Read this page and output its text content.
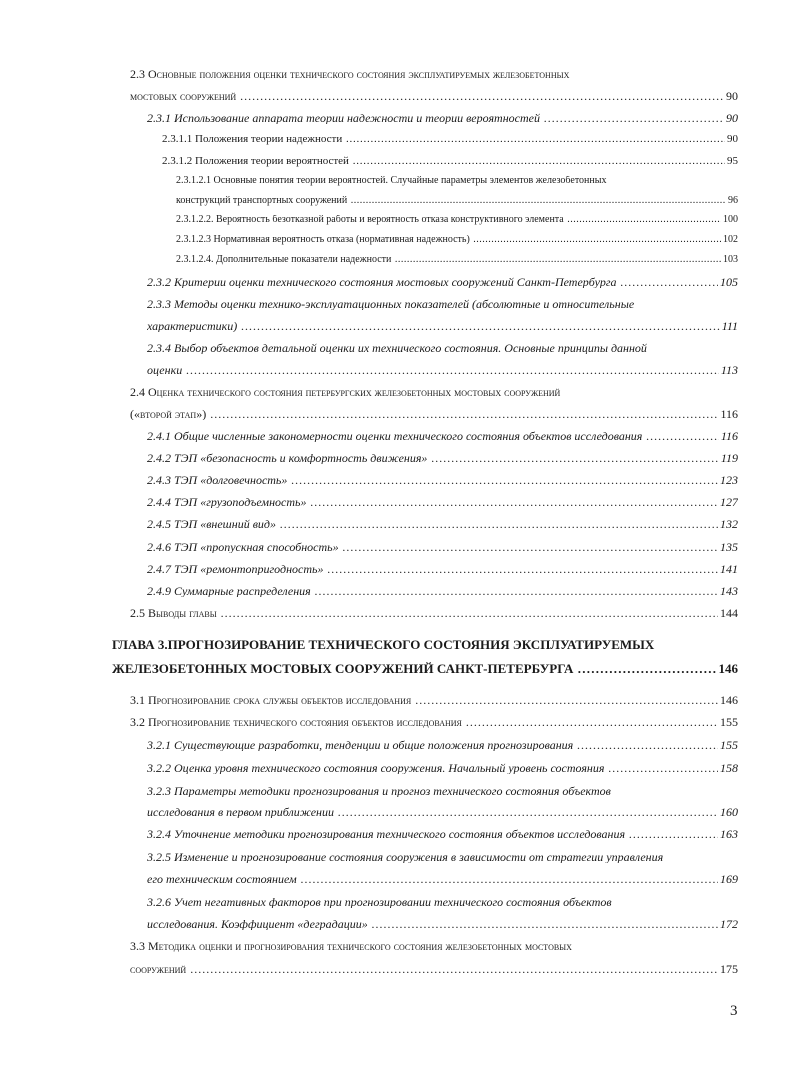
2.3 Основные положения оценки технического состояния эксплуатируемых железобетонных
мостовых сооружений	90
. . .
2.3.1 Использование аппарата теории надежности и теории вероятностей	90
. . .
2.3.1.1 Положения теории надежности	90
. . .
2.3.1.2 Положения теории вероятностей	95
. . .
2.3.1.2.1 Основные понятия теории вероятностей. Случайные параметры элементов железобетонных
конструкций транспортных сооружений	96
. . .
2.3.1.2.2. Вероятность безотказной работы и вероятность отказа конструктивного элемента	100
. . .
2.3.1.2.3 Нормативная вероятность отказа (нормативная надежность)	102
. . .
2.3.1.2.4. Дополнительные показатели надежности	103
. . .
2.3.2 Критерии оценки технического состояния мостовых сооружений Санкт-Петербурга	105
. . .
2.3.3 Методы оценки технико-эксплуатационных показателей (абсолютные и относительные
характеристики)	111
. . .
2.3.4 Выбор объектов детальной оценки их технического состояния. Основные принципы данной
оценки	113
. . .
2.4 Оценка технического состояния петербургских железобетонных мостовых сооружений
(«второй этап»)	116
. . .
2.4.1 Общие численные закономерности оценки технического состояния объектов исследования	116
. . .
2.4.2 ТЭП «безопасность и комфортность движения»	119
. . .
2.4.3 ТЭП «долговечность»	123
. . .
2.4.4 ТЭП «грузоподъемность»	127
. . .
2.4.5 ТЭП «внешний вид»	132
. . .
2.4.6 ТЭП «пропускная способность»	135
. . .
2.4.7 ТЭП «ремонтопригодность»	141
. . .
2.4.9 Суммарные распределения	143
. . .
2.5 Выводы главы	144
. . .
ГЛАВА 3.ПРОГНОЗИРОВАНИЕ ТЕХНИЧЕСКОГО СОСТОЯНИЯ ЭКСПЛУАТИРУЕМЫХ
ЖЕЛЕЗОБЕТОННЫХ МОСТОВЫХ СООРУЖЕНИЙ САНКТ-ПЕТЕРБУРГА	146
. . .
3.1 Прогнозирование срока службы объектов исследования	146
. . .
3.2 Прогнозирование технического состояния объектов исследования	155
. . .
3.2.1 Существующие разработки, тенденции и общие положения прогнозирования	155
. . .
3.2.2 Оценка уровня технического состояния сооружения. Начальный уровень состояния	158
. . .
3.2.3 Параметры методики прогнозирования и прогноз технического состояния объектов
исследования в первом приближении	160
. . .
3.2.4 Уточнение методики прогнозирования технического состояния объектов исследования	163
. . .
3.2.5 Изменение и прогнозирование состояния сооружения в зависимости от стратегии управления
его техническим состоянием	169
. . .
3.2.6 Учет негативных факторов при прогнозировании технического состояния объектов
исследования. Коэффициент «деградации»	172
. . .
3.3 Методика оценки и прогнозирования технического состояния железобетонных мостовых
сооружений	175
. . .
3
